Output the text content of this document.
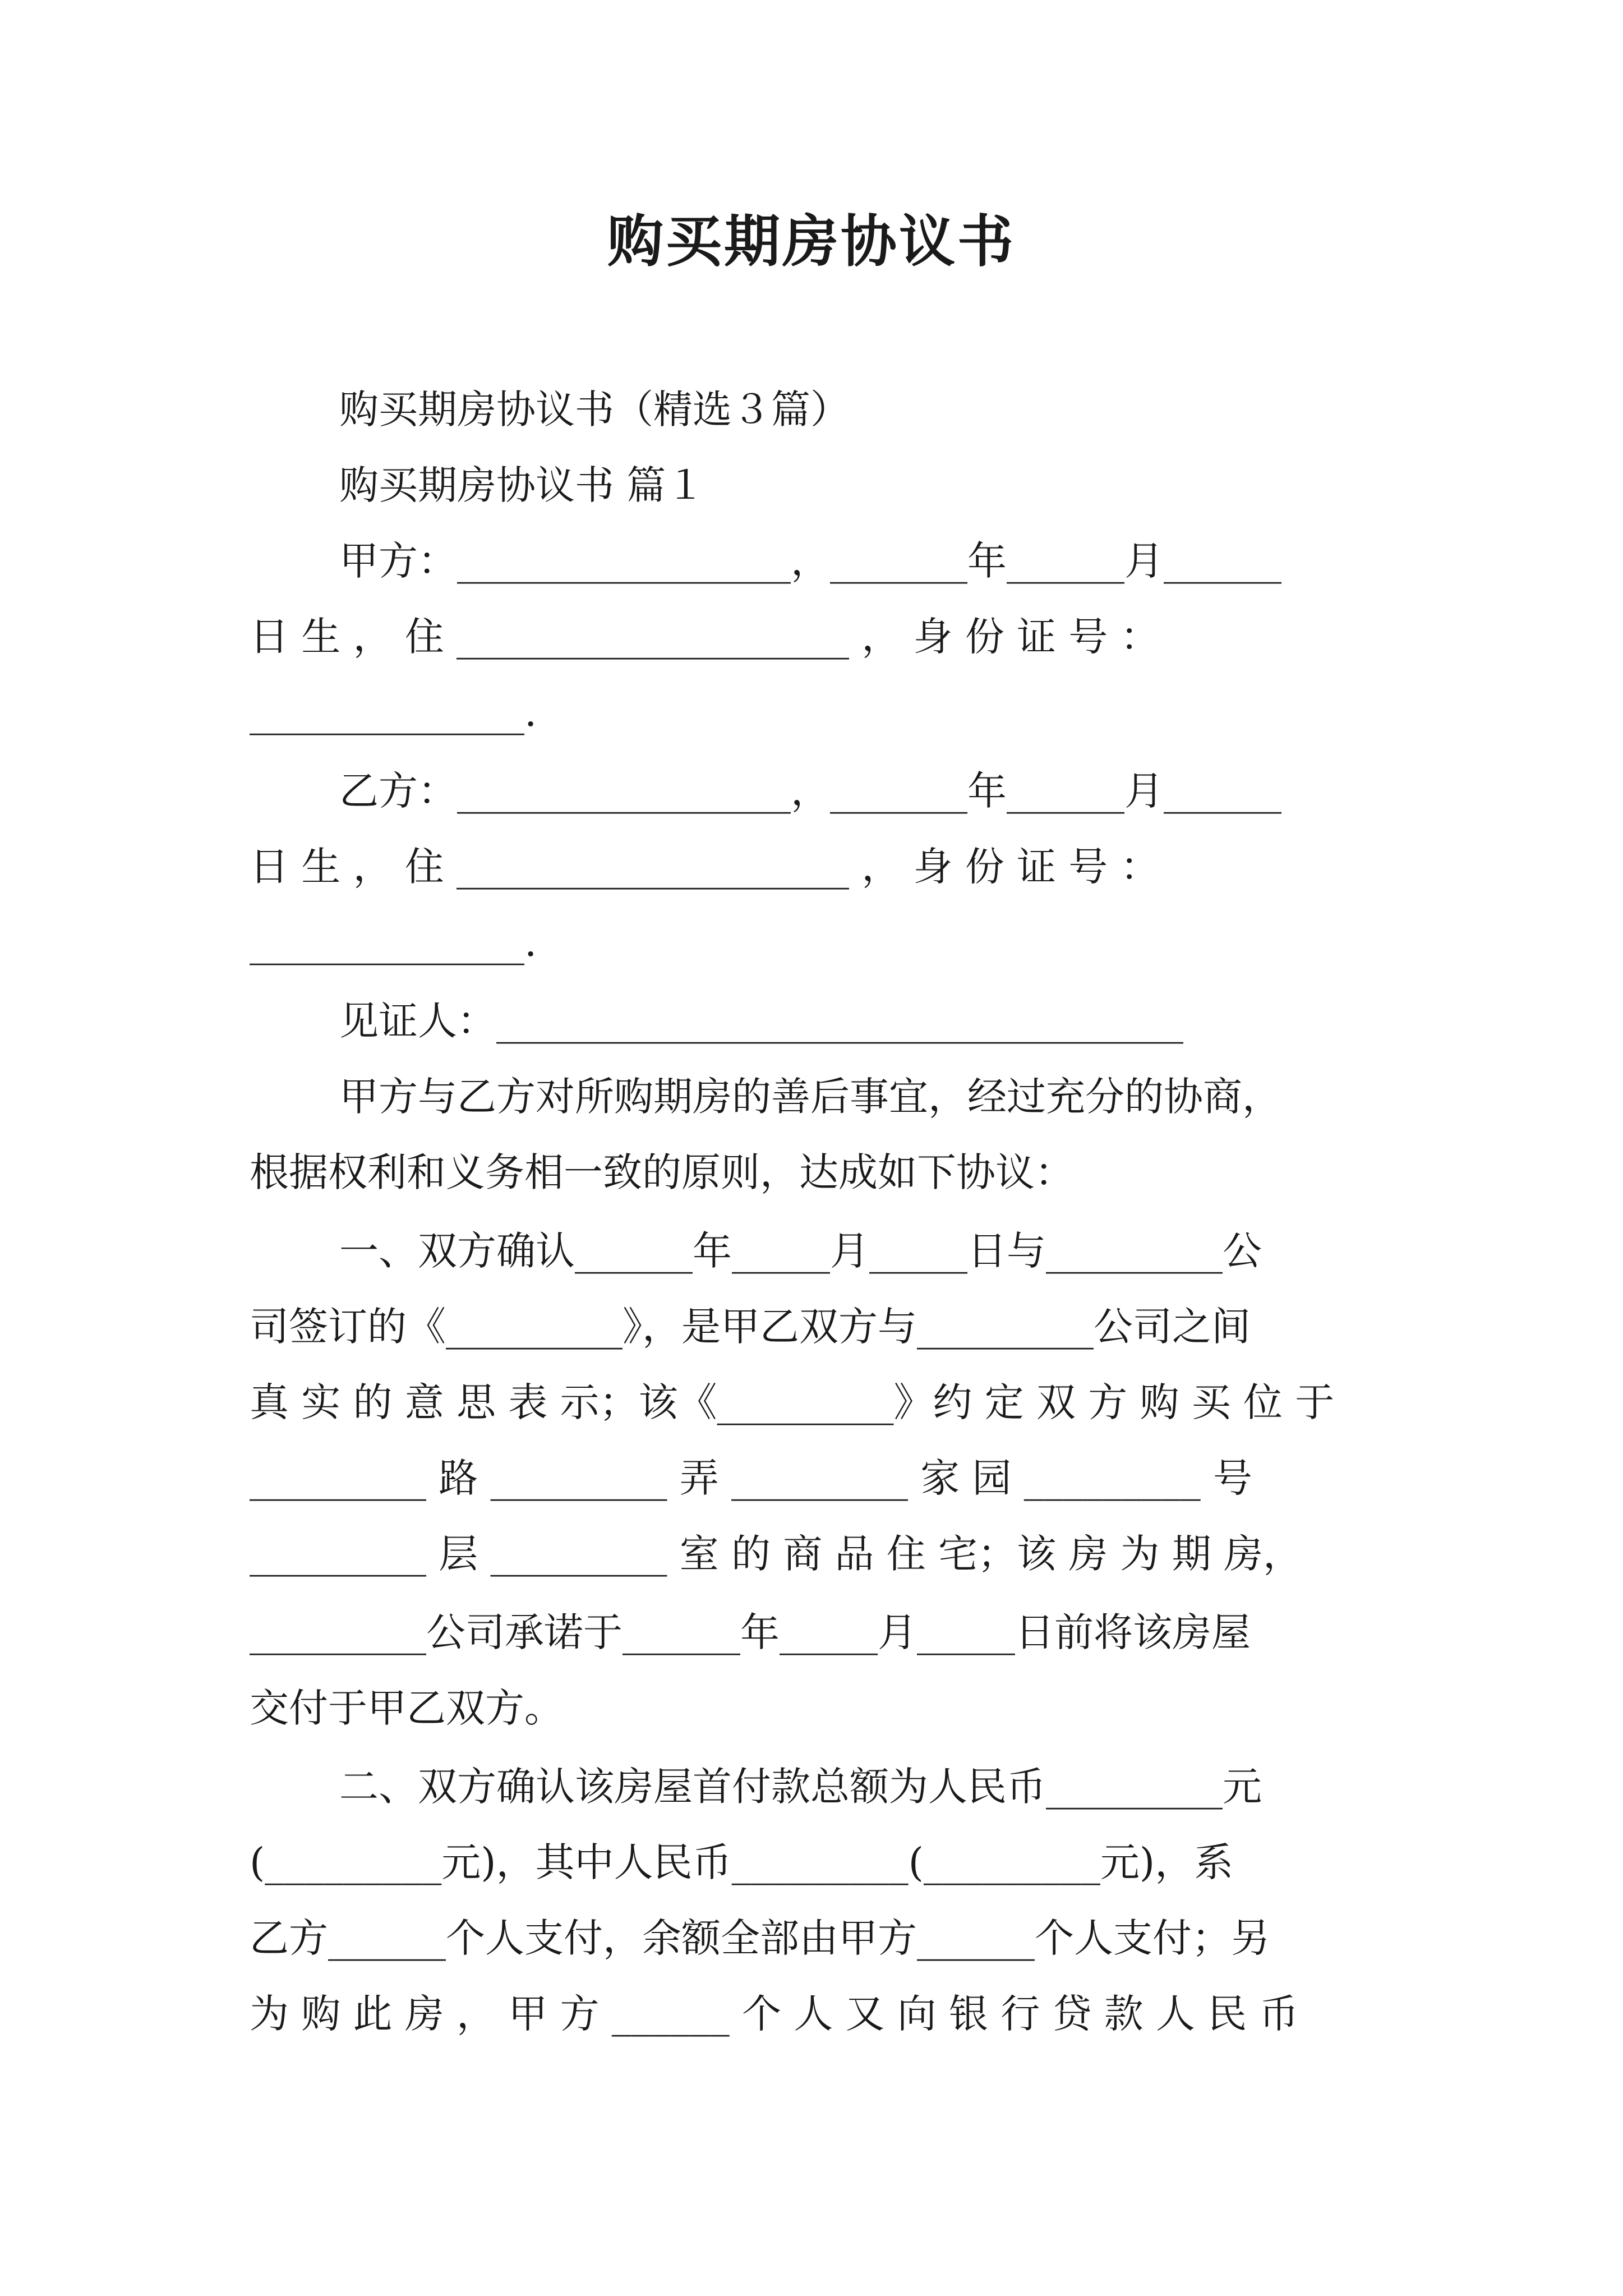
购买期房协议书
购买期房协议书（精选３篇）
购买期房协议书 篇１
甲方：_________________，_______年______月______
日 生 ， 住 ____________________ ， 身 份 证 号 ：
______________.
乙方：_________________，_______年______月______
日 生 ， 住 ____________________ ， 身 份 证 号 ：
______________.
见证人：___________________________________
甲方与乙方对所购期房的善后事宜，经过充分的协商，
根据权利和义务相一致的原则，达成如下协议：
一、双方确认______年_____月_____日与_________公
司签订的《_________》，是甲乙双方与_________公司之间
真 实 的 意 思 表 示；该《_________》约 定 双 方 购 买 位 于
_________ 路 _________ 弄 _________ 家 园 _________ 号
_________ 层 _________ 室 的 商 品 住 宅；该 房 为 期 房，
_________公司承诺于______年_____月_____日前将该房屋
交付于甲乙双方。
二、双方确认该房屋首付款总额为人民币_________元
(_________元)，其中人民币_________(_________元)，系
乙方______个人支付，余额全部由甲方______个人支付；另
为 购 此 房 ， 甲 方 ______ 个 人 又 向 银 行 贷 款 人 民 币
